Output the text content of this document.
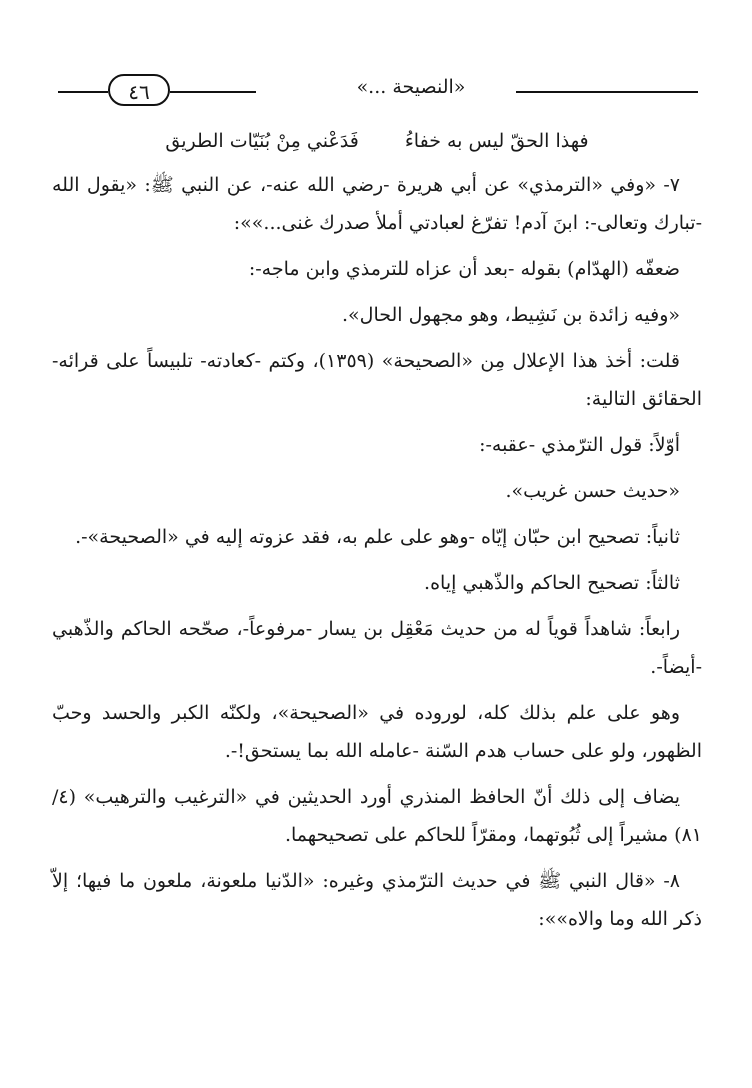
«النصيحة ...»
٤٦
فهذا الحقّ ليس به خفاءُ
فَدَعْني مِنْ بُنَيّات الطريق

٧- «وفي «الترمذي» عن أبي هريرة -رضي الله عنه-، عن النبي ﷺ: «يقول الله -تبارك وتعالى-: ابنَ آدم! تفرّغ لعبادتي أملأ صدرك غنى...»»:

ضعفّه (الهدّام) بقوله -بعد أن عزاه للترمذي وابن ماجه-:

«وفيه زائدة بن نَشِيط، وهو مجهول الحال».

قلت: أخذ هذا الإعلال مِن «الصحيحة» (١٣٥٩)، وكتم -كعادته- تلبيساً على قرائه- الحقائق التالية:

أوّلاً: قول الترّمذي -عقبه-:

«حديث حسن غريب».

ثانياً: تصحيح ابن حبّان إيّاه -وهو على علم به، فقد عزوته إليه في «الصحيحة»-.

ثالثاً: تصحيح الحاكم والذّهبي إياه.

رابعاً: شاهداً قوياً له من حديث مَعْقِل بن يسار -مرفوعاً-، صحّحه الحاكم والذّهبي -أيضاً-.

وهو على علم بذلك كله، لوروده في «الصحيحة»، ولكنّه الكبر والحسد وحبّ الظهور، ولو على حساب هدم السّنة -عامله الله بما يستحق!-.

يضاف إلى ذلك أنّ الحافظ المنذري أورد الحديثين في «الترغيب والترهيب» (٤/ ٨١) مشيراً إلى ثُبُوتهما، ومقرّاً للحاكم على تصحيحهما.

٨- «قال النبي ﷺ في حديث الترّمذي وغيره: «الدّنيا ملعونة، ملعون ما فيها؛ إلاّ ذكر الله وما والاه»»:
